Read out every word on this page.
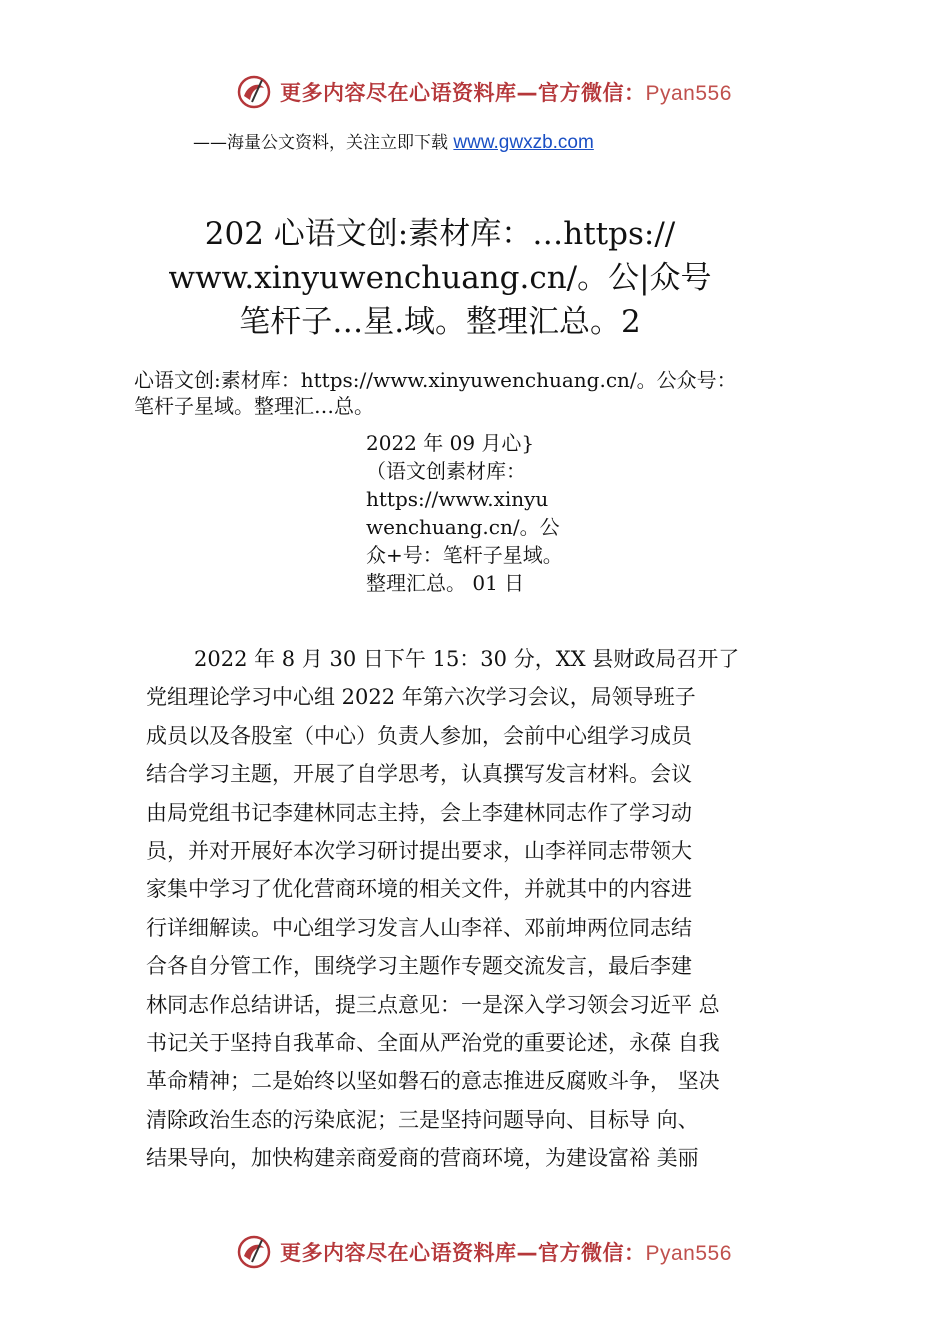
更多内容尽在心语资料库—官方微信：Pyan556
——海量公文资料，关注立即下载 www.gwxzb.com
202 心语文创:素材库：…https://
www.xinyuwenchuang.cn/。公|众号
笔杆子…星.域。整理汇总。2
心语文创:素材库：https://www.xinyuwenchuang.cn/。公众号：
笔杆子星域。整理汇…总。
2022 年 09 月心}
（语文创素材库：
https://www.xinyu
wenchuang.cn/。公
众+号：笔杆子星域。
整理汇总。 01 日
2022 年 8 月 30 日下午 15：30 分，XX 县财政局召开了
党组理论学习中心组 2022 年第六次学习会议，局领导班子
成员以及各股室（中心）负责人参加，会前中心组学习成员
结合学习主题，开展了自学思考，认真撰写发言材料。会议
由局党组书记李建林同志主持，会上李建林同志作了学习动
员，并对开展好本次学习研讨提出要求，山李祥同志带领大
家集中学习了优化营商环境的相关文件，并就其中的内容进
行详细解读。中心组学习发言人山李祥、邓前坤两位同志结
合各自分管工作，围绕学习主题作专题交流发言，最后李建
林同志作总结讲话，提三点意见：一是深入学习领会习近平 总
书记关于坚持自我革命、全面从严治党的重要论述，永葆 自我
革命精神；二是始终以坚如磐石的意志推进反腐败斗争， 坚决
清除政治生态的污染底泥；三是坚持问题导向、目标导 向、
结果导向，加快构建亲商爱商的营商环境，为建设富裕 美丽
更多内容尽在心语资料库—官方微信：Pyan556
